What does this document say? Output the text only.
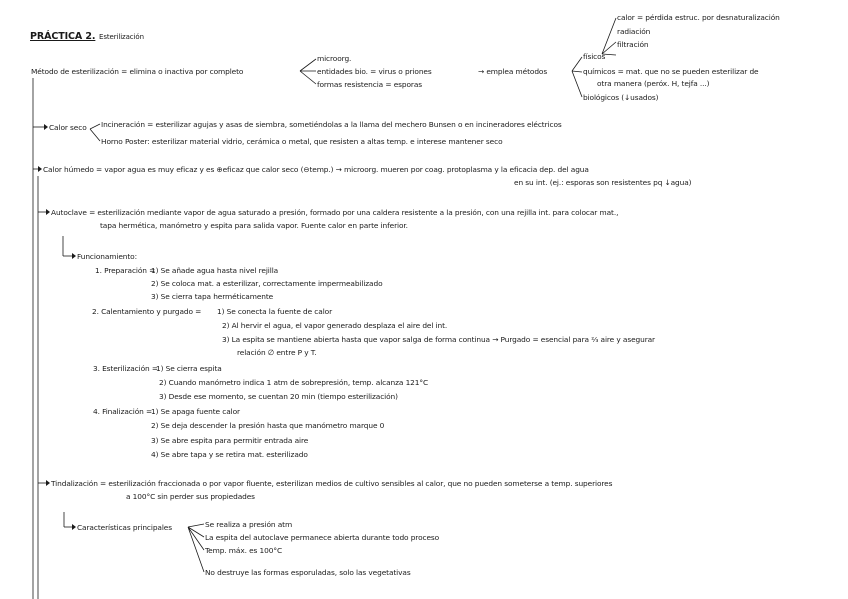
PRÁCTICA 2. Esterilización
Método de esterilización = elimina o inactiva por completo
microorg.
entidades bio. = virus o priones
formas resistencia = esporas
→ emplea métodos
físicos
químicos = mat. que no se pueden esterilizar de
otra manera (peróx. H, tejfa ...)
biológicos (↓usados)
calor = pérdida estruc. por desnaturalización
radiación
filtración
Calor seco Incineración = esterilizar agujas y asas de siembra, sometiéndolas a la llama del mechero Bunsen o en incineradores eléctricos
Horno Poster: esterilizar material vidrio, cerámica o metal, que resisten a altas temp. e interese mantener seco
Calor húmedo = vapor agua es muy eficaz y es ⊕eficaz que calor seco (⊖temp.) → microorg. mueren por coag. protoplasma y la eficacia dep. del agua
en su int. (ej.: esporas son resistentes pq ↓agua)
Autoclave = esterilización mediante vapor de agua saturado a presión, formado por una caldera resistente a la presión, con una rejilla int. para colocar mat.,
tapa hermética, manómetro y espita para salida vapor. Fuente calor en parte inferior.
Funcionamiento:
1. Preparación =
1) Se añade agua hasta nivel rejilla
2) Se coloca mat. a esterilizar, correctamente impermeabilizado
3) Se cierra tapa herméticamente
2. Calentamiento y purgado = 1) Se conecta la fuente de calor
2) Al hervir el agua, el vapor generado desplaza el aire del int.
3) La espita se mantiene abierta hasta que vapor salga de forma continua → Purgado = esencial para ⅔ aire y asegurar
relación ∅ entre P y T.
3. Esterilización =
1) Se cierra espita
2) Cuando manómetro indica 1 atm de sobrepresión, temp. alcanza 121°C
3) Desde ese momento, se cuentan 20 min (tiempo esterilización)
4. Finalización =
1) Se apaga fuente calor
2) Se deja descender la presión hasta que manómetro marque 0
3) Se abre espita para permitir entrada aire
4) Se abre tapa y se retira mat. esterilizado
Tindalización = esterilización fraccionada o por vapor fluente, esterilizan medios de cultivo sensibles al calor, que no pueden someterse a temp. superiores
a 100°C sin perder sus propiedades
Características principales	Se realiza a presión atm
La espita del autoclave permanece abierta durante todo proceso
Temp. máx. es 100°C
No destruye las formas esporuladas, solo las vegetativas
